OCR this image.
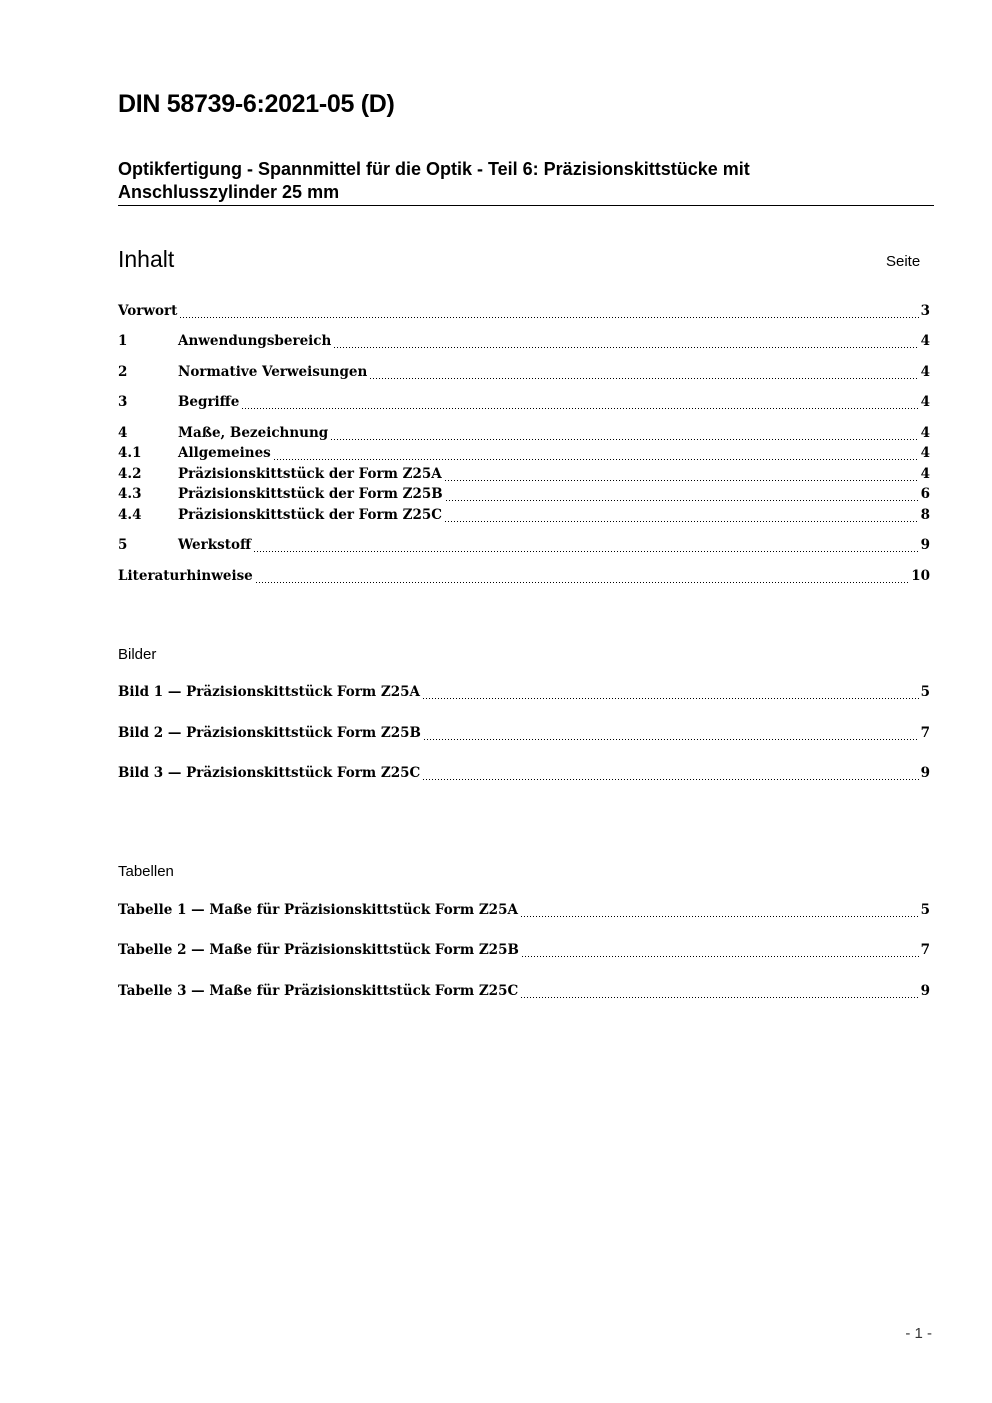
DIN 58739-6:2021-05 (D)
Optikfertigung - Spannmittel für die Optik - Teil 6: Präzisionskittstücke mit
Anschlusszylinder 25 mm
Inhalt	Seite
Vorwort	3
1	Anwendungsbereich	4
2	Normative Verweisungen	4
3	Begriffe	4
4	Maße, Bezeichnung	4
4.1	Allgemeines	4
4.2	Präzisionskittstück der Form Z25A	4
4.3	Präzisionskittstück der Form Z25B	6
4.4	Präzisionskittstück der Form Z25C	8
5	Werkstoff	9
Literaturhinweise	10
Bilder
Bild 1 — Präzisionskittstück Form Z25A	5
Bild 2 — Präzisionskittstück Form Z25B	7
Bild 3 — Präzisionskittstück Form Z25C	9
Tabellen
Tabelle 1 — Maße für Präzisionskittstück Form Z25A	5
Tabelle 2 — Maße für Präzisionskittstück Form Z25B	7
Tabelle 3 — Maße für Präzisionskittstück Form Z25C	9
- 1 -
